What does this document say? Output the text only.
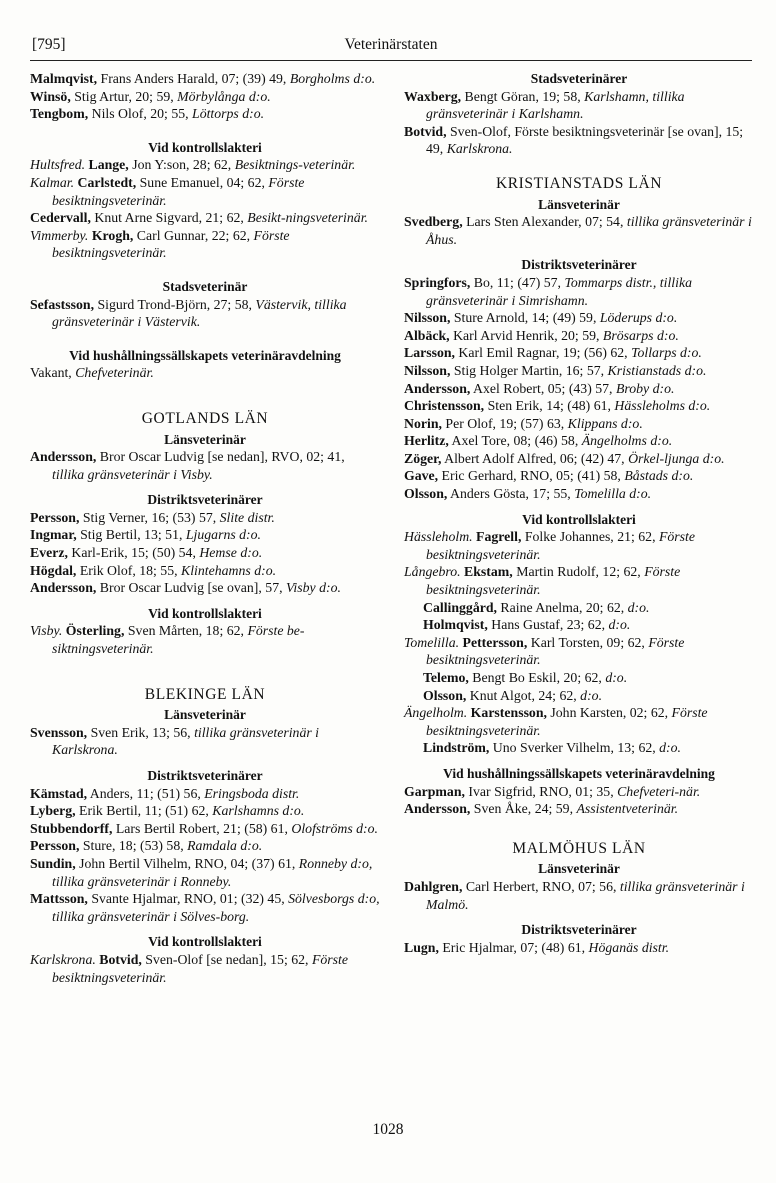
[795]	Veterinärstaten

Malmqvist, Frans Anders Harald, 07; (39) 49, Borgholms d:o.

Winsö, Stig Artur, 20; 59, Mörbylånga d:o.

Tengbom, Nils Olof, 20; 55, Löttorps d:o.

Vid kontrollslakteri

Hultsfred. Lange, Jon Y:son, 28; 62, Besiktnings-veterinär.

Kalmar. Carlstedt, Sune Emanuel, 04; 62, Förste besiktningsveterinär.

Cedervall, Knut Arne Sigvard, 21; 62, Besikt-ningsveterinär.

Vimmerby. Krogh, Carl Gunnar, 22; 62, Förste besiktningsveterinär.

Stadsveterinär

Sefastsson, Sigurd Trond-Björn, 27; 58, Västervik, tillika gränsveterinär i Västervik.

Vid hushållningssällskapets veterinäravdelning

Vakant, Chefveterinär.

GOTLANDS LÄN

Länsveterinär

Andersson, Bror Oscar Ludvig [se nedan], RVO, 02; 41, tillika gränsveterinär i Visby.

Distriktsveterinärer

Persson, Stig Verner, 16; (53) 57, Slite distr.

Ingmar, Stig Bertil, 13; 51, Ljugarns d:o.

Everz, Karl-Erik, 15; (50) 54, Hemse d:o.

Högdal, Erik Olof, 18; 55, Klintehamns d:o.

Andersson, Bror Oscar Ludvig [se ovan], 57, Visby d:o.

Vid kontrollslakteri

Visby. Österling, Sven Mårten, 18; 62, Förste be-siktningsveterinär.

BLEKINGE LÄN

Länsveterinär

Svensson, Sven Erik, 13; 56, tillika gränsveterinär i Karlskrona.

Distriktsveterinärer

Kämstad, Anders, 11; (51) 56, Eringsboda distr.

Lyberg, Erik Bertil, 11; (51) 62, Karlshamns d:o.

Stubbendorff, Lars Bertil Robert, 21; (58) 61, Olofströms d:o.

Persson, Sture, 18; (53) 58, Ramdala d:o.

Sundin, John Bertil Vilhelm, RNO, 04; (37) 61, Ronneby d:o, tillika gränsveterinär i Ronneby.

Mattsson, Svante Hjalmar, RNO, 01; (32) 45, Sölvesborgs d:o, tillika gränsveterinär i Sölves-borg.

Vid kontrollslakteri

Karlskrona. Botvid, Sven-Olof [se nedan], 15; 62, Förste besiktningsveterinär.

Stadsveterinärer

Waxberg, Bengt Göran, 19; 58, Karlshamn, tillika gränsveterinär i Karlshamn.

Botvid, Sven-Olof, Förste besiktningsveterinär [se ovan], 15; 49, Karlskrona.

KRISTIANSTADS LÄN

Länsveterinär

Svedberg, Lars Sten Alexander, 07; 54, tillika gränsveterinär i Åhus.

Distriktsveterinärer

Springfors, Bo, 11; (47) 57, Tommarps distr., tillika gränsveterinär i Simrishamn.

Nilsson, Sture Arnold, 14; (49) 59, Löderups d:o.

Albäck, Karl Arvid Henrik, 20; 59, Brösarps d:o.

Larsson, Karl Emil Ragnar, 19; (56) 62, Tollarps d:o.

Nilsson, Stig Holger Martin, 16; 57, Kristianstads d:o.

Andersson, Axel Robert, 05; (43) 57, Broby d:o.

Christensson, Sten Erik, 14; (48) 61, Hässleholms d:o.

Norin, Per Olof, 19; (57) 63, Klippans d:o.

Herlitz, Axel Tore, 08; (46) 58, Ängelholms d:o.

Zöger, Albert Adolf Alfred, 06; (42) 47, Örkel-ljunga d:o.

Gave, Eric Gerhard, RNO, 05; (41) 58, Båstads d:o.

Olsson, Anders Gösta, 17; 55, Tomelilla d:o.

Vid kontrollslakteri

Hässleholm. Fagrell, Folke Johannes, 21; 62, Förste besiktningsveterinär.

Långebro. Ekstam, Martin Rudolf, 12; 62, Förste besiktningsveterinär.

Callinggård, Raine Anelma, 20; 62, d:o.

Holmqvist, Hans Gustaf, 23; 62, d:o.

Tomelilla. Pettersson, Karl Torsten, 09; 62, Förste besiktningsveterinär.

Telemo, Bengt Bo Eskil, 20; 62, d:o.

Olsson, Knut Algot, 24; 62, d:o.

Ängelholm. Karstensson, John Karsten, 02; 62, Förste besiktningsveterinär.

Lindström, Uno Sverker Vilhelm, 13; 62, d:o.

Vid hushållningssällskapets veterinäravdelning

Garpman, Ivar Sigfrid, RNO, 01; 35, Chefveteri-när.

Andersson, Sven Åke, 24; 59, Assistentveterinär.

MALMÖHUS LÄN

Länsveterinär

Dahlgren, Carl Herbert, RNO, 07; 56, tillika gränsveterinär i Malmö.

Distriktsveterinärer

Lugn, Eric Hjalmar, 07; (48) 61, Höganäs distr.

1028
